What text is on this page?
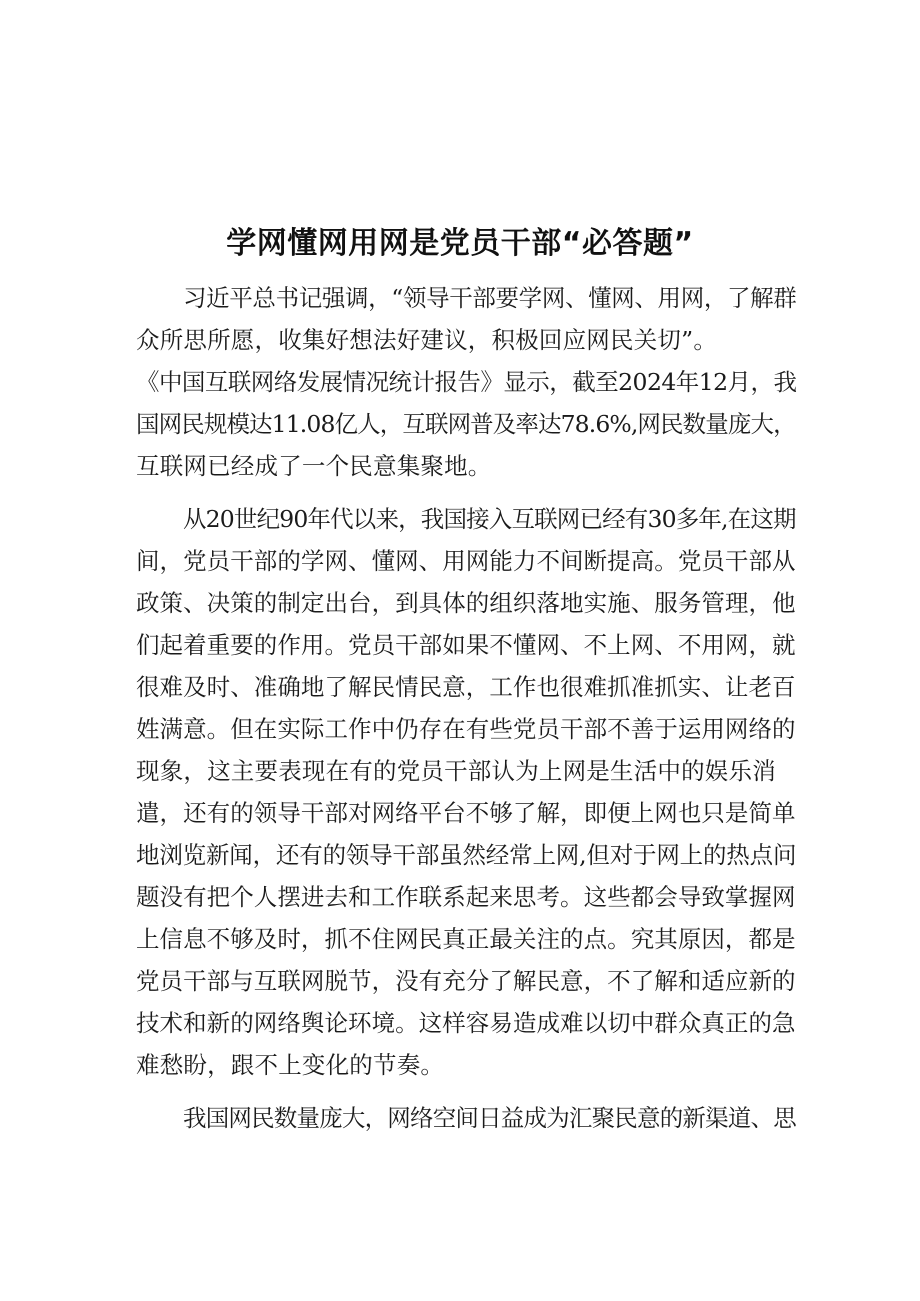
学网懂网用网是党员干部“必答题”
习近平总书记强调，“领导干部要学网、懂网、用网，了解群
众所思所愿，收集好想法好建议，积极回应网民关切”。
《中国互联网络发展情况统计报告》显示，截至2024年12月，我
国网民规模达11.08亿人，互联网普及率达78.6%,网民数量庞大，
互联网已经成了一个民意集聚地。
从20世纪90年代以来，我国接入互联网已经有30多年,在这期
间，党员干部的学网、懂网、用网能力不间断提高。党员干部从
政策、决策的制定出台，到具体的组织落地实施、服务管理，他
们起着重要的作用。党员干部如果不懂网、不上网、不用网，就
很难及时、准确地了解民情民意，工作也很难抓准抓实、让老百
姓满意。但在实际工作中仍存在有些党员干部不善于运用网络的
现象，这主要表现在有的党员干部认为上网是生活中的娱乐消
遣，还有的领导干部对网络平台不够了解，即便上网也只是简单
地浏览新闻，还有的领导干部虽然经常上网,但对于网上的热点问
题没有把个人摆进去和工作联系起来思考。这些都会导致掌握网
上信息不够及时，抓不住网民真正最关注的点。究其原因，都是
党员干部与互联网脱节，没有充分了解民意，不了解和适应新的
技术和新的网络舆论环境。这样容易造成难以切中群众真正的急
难愁盼，跟不上变化的节奏。
我国网民数量庞大，网络空间日益成为汇聚民意的新渠道、思
